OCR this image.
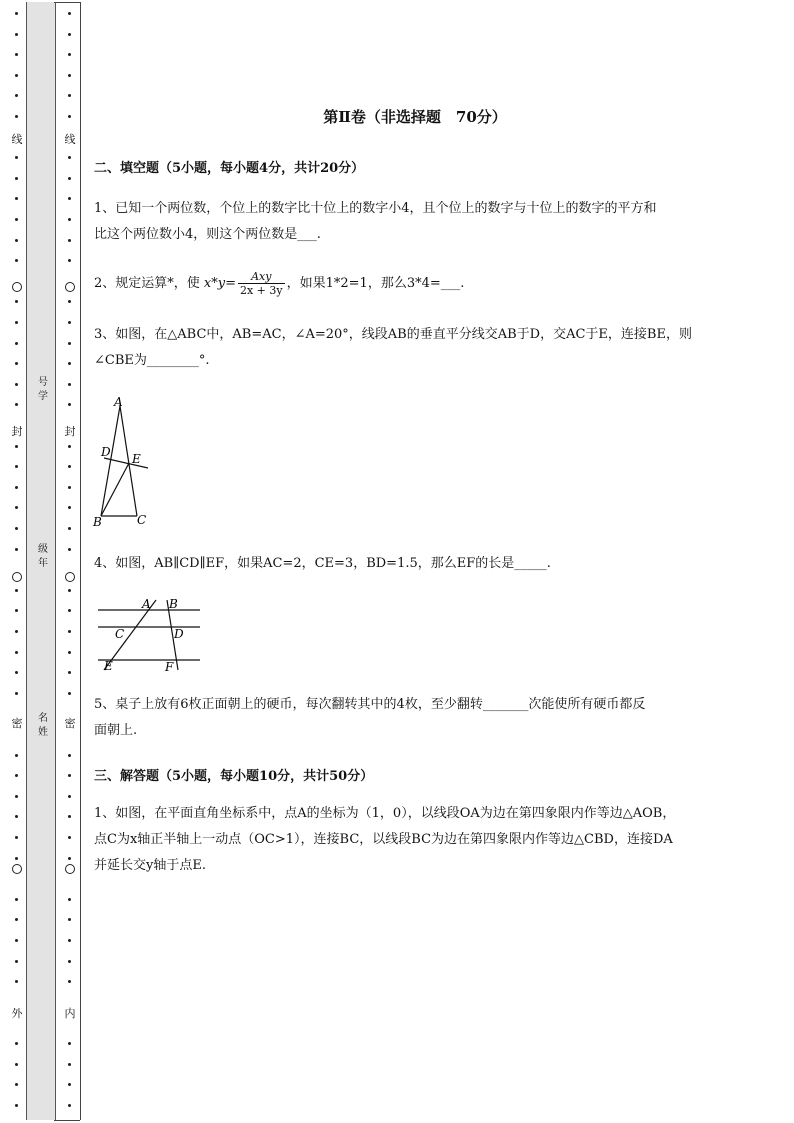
线
封
密
外
线
封
密
内
号学
级年
名姓
第Ⅱ卷（非选择题　70分）
二、填空题（5小题，每小题4分，共计20分）
1、已知一个两位数，个位上的数字比十位上的数字小4，且个位上的数字与十位上的数字的平方和
比这个两位数小4，则这个两位数是___.
2、规定运算*，使 $x*y= \frac{\text{Axy}}{2x + 3y}$ ，如果1*2=1，那么3*4=___.
3、如图，在△ABC中，AB=AC，∠A=20°，线段AB的垂直平分线交AB于D，交AC于E，连接BE，则
∠CBE为________°.
A
D E
B	C
4、如图，AB∥CD∥EF，如果AC=2，CE=3，BD=1.5，那么EF的长是_____.
A B
C	D
E	F
5、桌子上放有6枚正面朝上的硬币，每次翻转其中的4枚，至少翻转_______次能使所有硬币都反
面朝上.
三、解答题（5小题，每小题10分，共计50分）
1、如图，在平面直角坐标系中，点A的坐标为（1，0），以线段OA为边在第四象限内作等边△AOB，
点C为x轴正半轴上一动点（OC>1），连接BC，以线段BC为边在第四象限内作等边△CBD，连接DA
并延长交y轴于点E.
